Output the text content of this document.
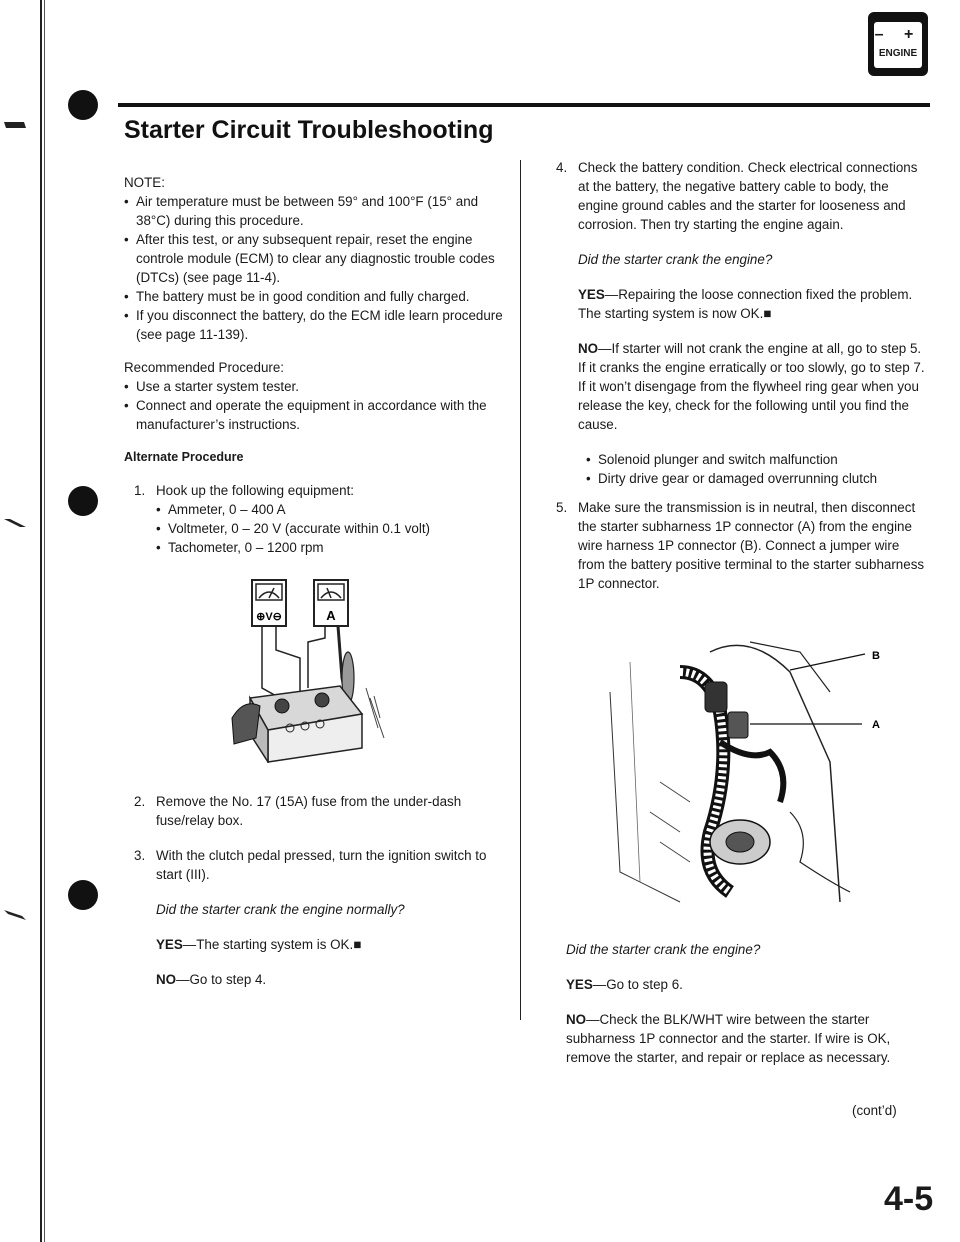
– +
ENGINE
Starter Circuit Troubleshooting

NOTE:

• Air temperature must be between 59° and 100°F (15° and 38°C) during this procedure.

• After this test, or any subsequent repair, reset the engine controle module (ECM) to clear any diagnostic trouble codes (DTCs) (see page 11-4).

• The battery must be in good condition and fully charged.

• If you disconnect the battery, do the ECM idle learn procedure (see page 11-139).

Recommended Procedure:

• Use a starter system tester.

• Connect and operate the equipment in accordance with the manufacturer’s instructions.

Alternate Procedure

1. Hook up the following equipment:

• Ammeter, 0 – 400 A

• Voltmeter, 0 – 20 V (accurate within 0.1 volt)

• Tachometer, 0 – 1200 rpm

⊕V⊖	A
2. Remove the No. 17 (15A) fuse from the under-dash fuse/relay box.
3. With the clutch pedal pressed, turn the ignition switch to start (III).

Did the starter crank the engine normally?

YES—The starting system is OK.■

NO—Go to step 4.

4. Check the battery condition. Check electrical connections at the battery, the negative battery cable to body, the engine ground cables and the starter for looseness and corrosion. Then try starting the engine again.

Did the starter crank the engine?

YES—Repairing the loose connection fixed the problem. The starting system is now OK.■

NO—If starter will not crank the engine at all, go to step 5. If it cranks the engine erratically or too slowly, go to step 7. If it won’t disengage from the flywheel ring gear when you release the key, check for the following until you find the cause.

• Solenoid plunger and switch malfunction

• Dirty drive gear or damaged overrunning clutch

5. Make sure the transmission is in neutral, then disconnect the starter subharness 1P connector (A) from the engine wire harness 1P connector (B). Connect a jumper wire from the battery positive terminal to the starter subharness 1P connector.
B
A

Did the starter crank the engine?

YES—Go to step 6.

NO—Check the BLK/WHT wire between the starter subharness 1P connector and the starter. If wire is OK, remove the starter, and repair or replace as necessary.

(cont’d)
4-5
